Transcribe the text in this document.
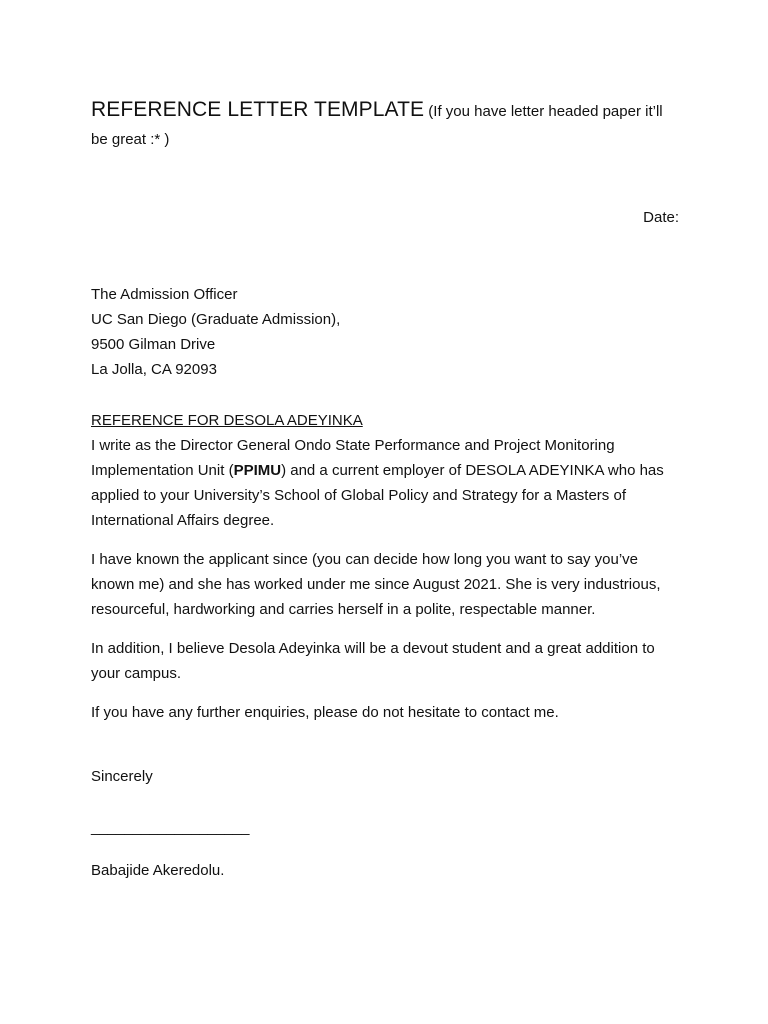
REFERENCE LETTER TEMPLATE (If you have letter headed paper it’ll
be great :* )
Date:
The Admission Officer
UC San Diego (Graduate Admission),
9500 Gilman Drive
La Jolla, CA 92093
REFERENCE FOR DESOLA ADEYINKA

I write as the Director General Ondo State Performance and Project Monitoring Implementation Unit (PPIMU) and a current employer of DESOLA ADEYINKA who has applied to your University’s School of Global Policy and Strategy for a Masters of International Affairs degree.

I have known the applicant since (you can decide how long you want to say you’ve known me) and she has worked under me since August 2021. She is very industrious, resourceful, hardworking and carries herself in a polite, respectable manner.

In addition, I believe Desola Adeyinka will be a devout student and a great addition to your campus.

If you have any further enquiries, please do not hesitate to contact me.

Sincerely
___________________
Babajide Akeredolu.
